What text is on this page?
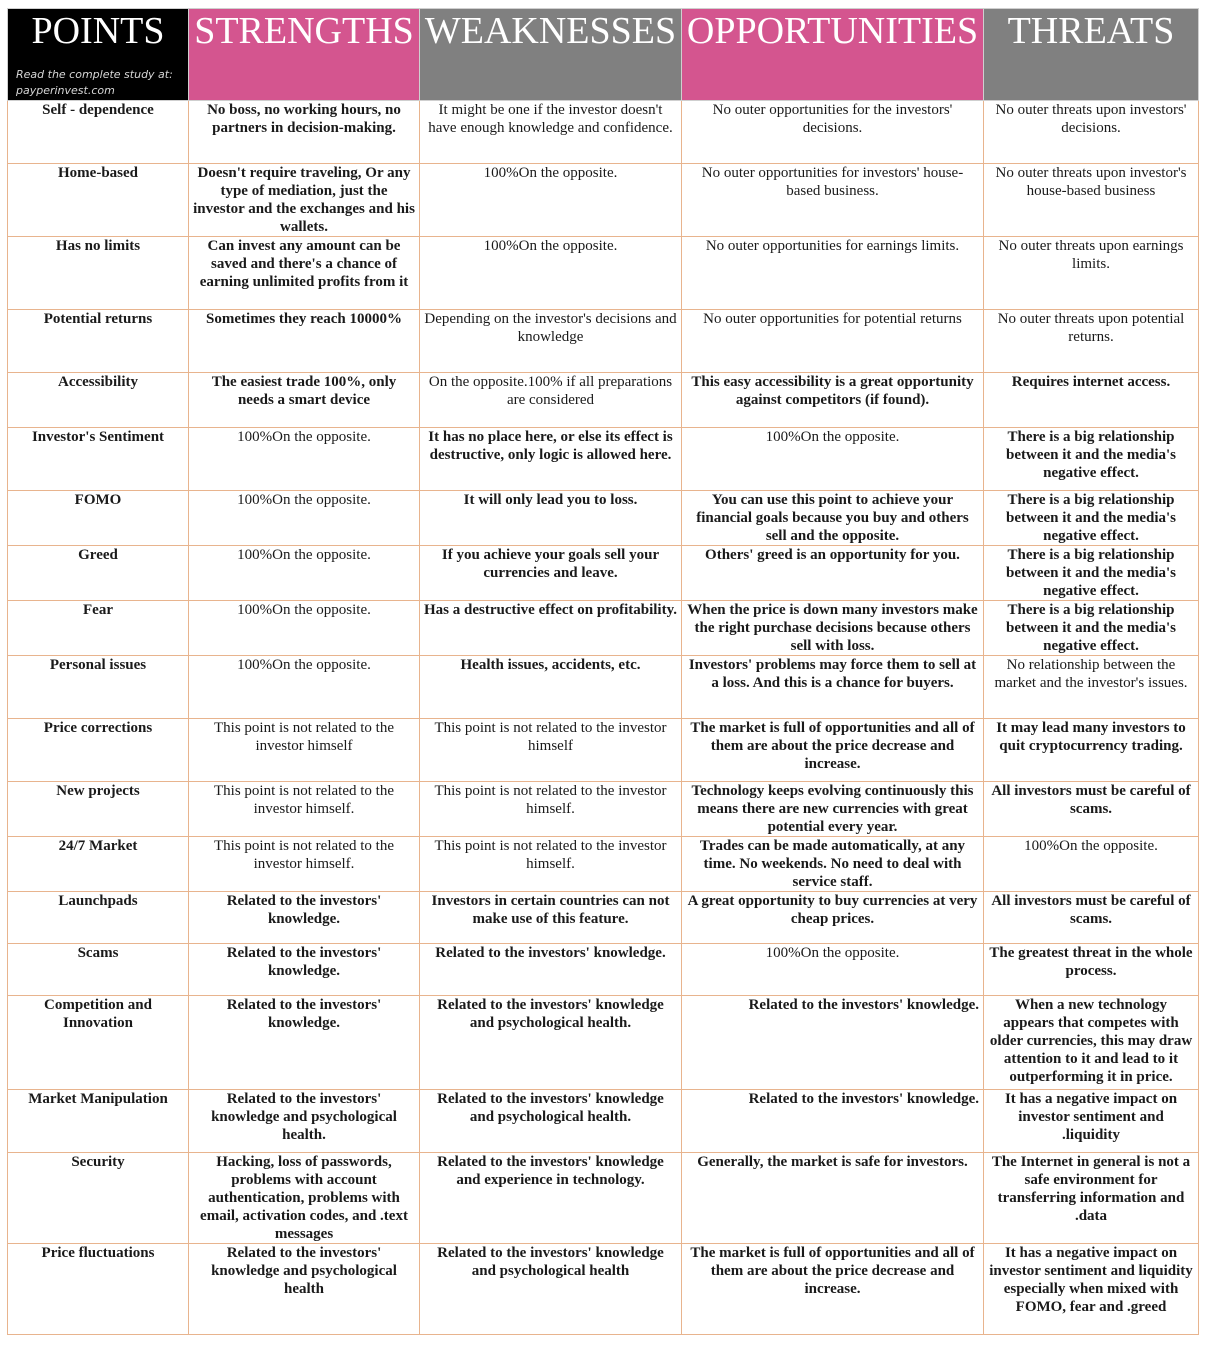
POINTS
Read the complete study at:
payperinvest.com	STRENGTHS	WEAKNESSES	OPPORTUNITIES	THREATS
Self - dependence	No boss, no working hours, no partners in decision-making.	It might be one if the investor doesn't have enough knowledge and confidence.	No outer opportunities for the investors' decisions.	No outer threats upon investors' decisions.
Home-based	Doesn't require traveling, Or any type of mediation, just the investor and the exchanges and his wallets.	100%On the opposite.	No outer opportunities for investors' house-based business.	No outer threats upon investor's house-based business
Has no limits	Can invest any amount can be saved and there's a chance of earning unlimited profits from it	100%On the opposite.	No outer opportunities for earnings limits.	No outer threats upon earnings limits.
Potential returns	Sometimes they reach 10000%	Depending on the investor's decisions and knowledge	No outer opportunities for potential returns	No outer threats upon potential returns.
Accessibility	The easiest trade 100%, only needs a smart device	On the opposite.100% if all preparations are considered	This easy accessibility is a great opportunity against competitors (if found).	Requires internet access.
Investor's Sentiment	100%On the opposite.	It has no place here, or else its effect is destructive, only logic is allowed here.	100%On the opposite.	There is a big relationship between it and the media's negative effect.
FOMO	100%On the opposite.	It will only lead you to loss.	You can use this point to achieve your financial goals because you buy and others sell and the opposite.	There is a big relationship between it and the media's negative effect.
Greed	100%On the opposite.	If you achieve your goals sell your currencies and leave.	Others' greed is an opportunity for you.	There is a big relationship between it and the media's negative effect.
Fear	100%On the opposite.	Has a destructive effect on profitability.	When the price is down many investors make the right purchase decisions because others sell with loss.	There is a big relationship between it and the media's negative effect.
Personal issues	100%On the opposite.	Health issues, accidents, etc.	Investors' problems may force them to sell at a loss. And this is a chance for buyers.	No relationship between the market and the investor's issues.
Price corrections	This point is not related to the investor himself	This point is not related to the investor himself	The market is full of opportunities and all of them are about the price decrease and increase.	It may lead many investors to quit cryptocurrency trading.
New projects	This point is not related to the investor himself.	This point is not related to the investor himself.	Technology keeps evolving continuously this means there are new currencies with great potential every year.	All investors must be careful of scams.
24/7 Market	This point is not related to the investor himself.	This point is not related to the investor himself.	Trades can be made automatically, at any time. No weekends. No need to deal with service staff.	100%On the opposite.
Launchpads	Related to the investors' knowledge.	Investors in certain countries can not make use of this feature.	A great opportunity to buy currencies at very cheap prices.	All investors must be careful of scams.
Scams	Related to the investors' knowledge.	Related to the investors' knowledge.	100%On the opposite.	The greatest threat in the whole process.
Competition and Innovation	Related to the investors' knowledge.	Related to the investors' knowledge and psychological health.	Related to the investors' knowledge.	When a new technology appears that competes with older currencies, this may draw attention to it and lead to it outperforming it in price.
Market Manipulation	Related to the investors' knowledge and psychological health.	Related to the investors' knowledge and psychological health.	Related to the investors' knowledge.	It has a negative impact on investor sentiment and .liquidity
Security	Hacking, loss of passwords, problems with account authentication, problems with email, activation codes, and .text messages	Related to the investors' knowledge and experience in technology.	Generally, the market is safe for investors.	The Internet in general is not a safe environment for transferring information and .data
Price fluctuations	Related to the investors' knowledge and psychological health	Related to the investors' knowledge and psychological health	The market is full of opportunities and all of them are about the price decrease and increase.	It has a negative impact on investor sentiment and liquidity especially when mixed with FOMO, fear and .greed
